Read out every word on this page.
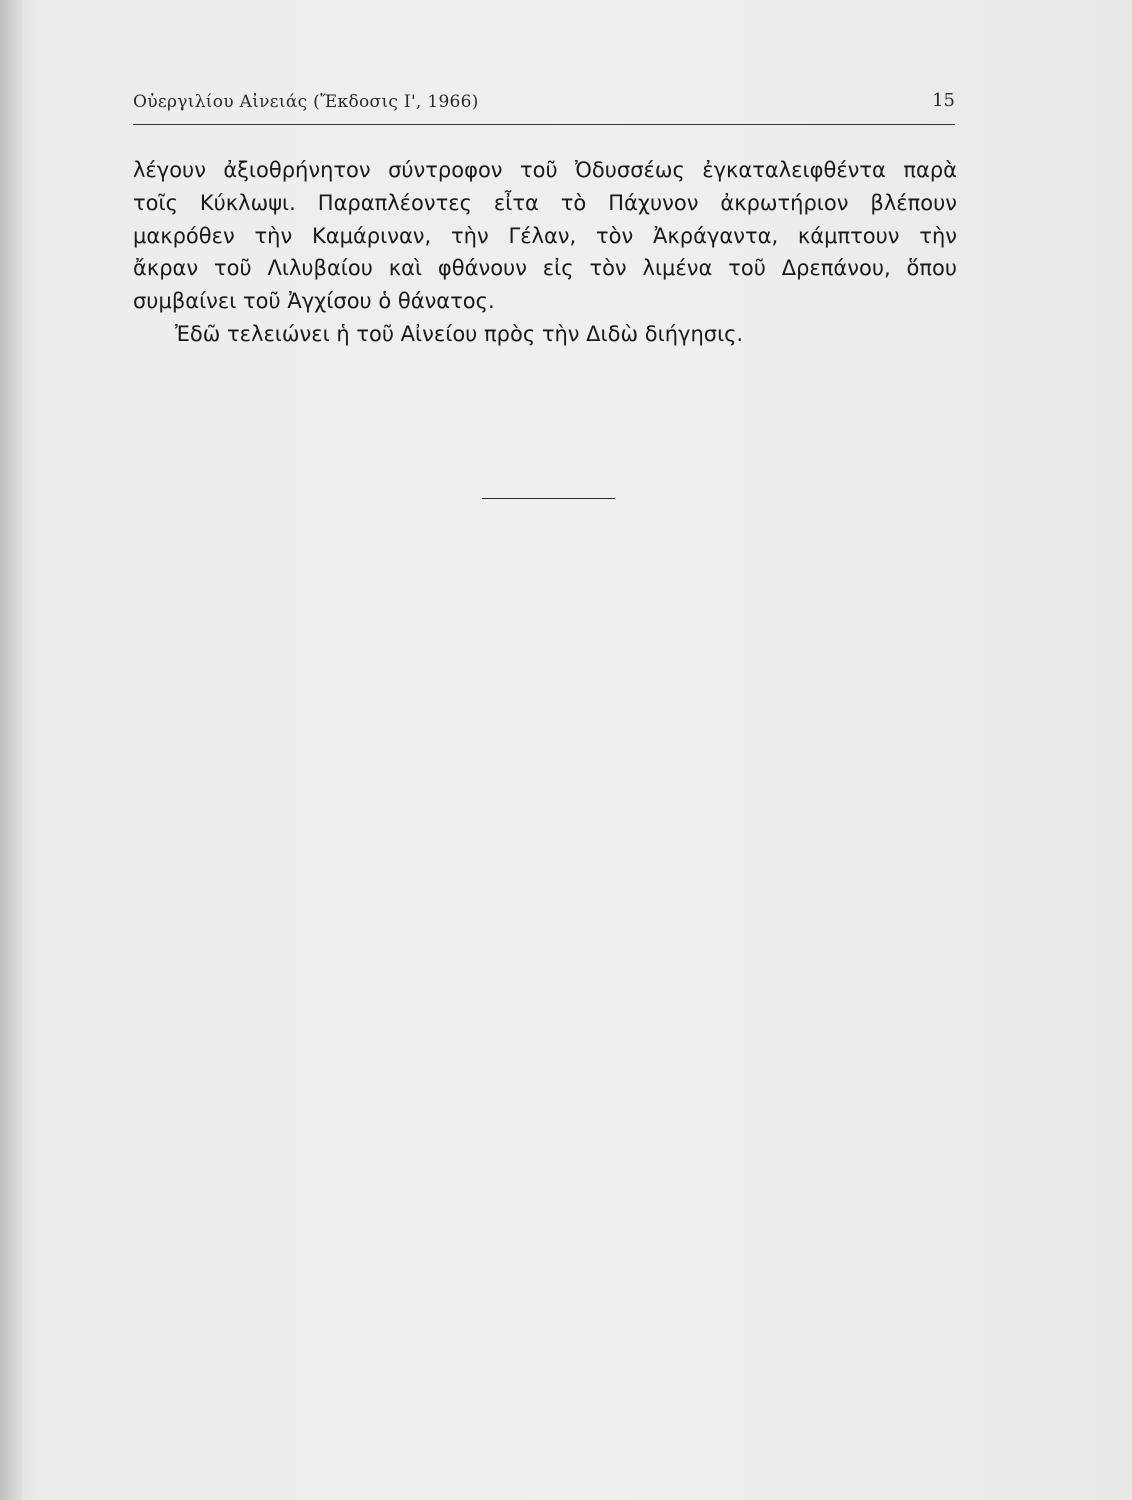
Οὐεργιλίου Αἰνειάς (Ἔκδοσις Ι', 1966)	15
λέγουν ἀξιοθρήνητον σύντροφον τοῦ Ὀδυσσέως ἐγκαταλειφθέντα παρὰ
τοῖς Κύκλωψι. Παραπλέοντες εἶτα τὸ Πάχυνον ἀκρωτήριον βλέπουν
μακρόθεν τὴν Καμάριναν, τὴν Γέλαν, τὸν Ἀκράγαντα, κάμπτουν τὴν
ἄκραν τοῦ Λιλυβαίου καὶ φθάνουν εἰς τὸν λιμένα τοῦ Δρεπάνου, ὅπου
συμβαίνει τοῦ Ἀγχίσου ὁ θάνατος.
Ἐδῶ τελειώνει ἡ τοῦ Αἰνείου πρὸς τὴν Διδὼ διήγησις.
